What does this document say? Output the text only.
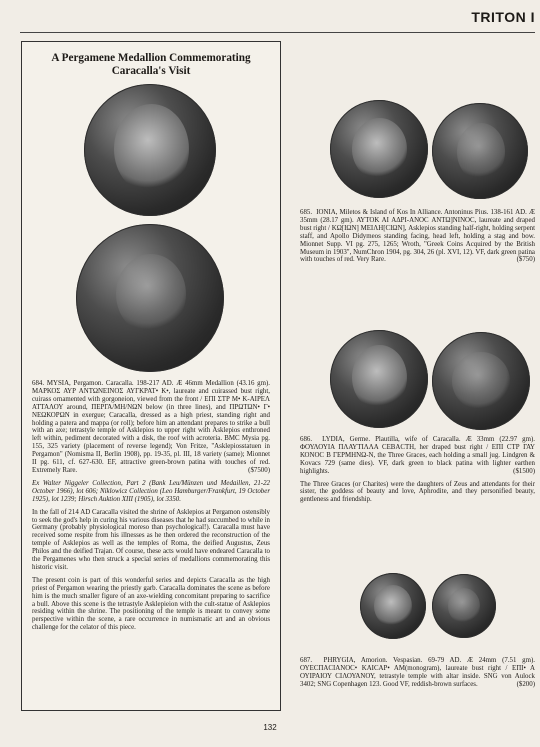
TRITON I
A Pergamene Medallion Commemorating
Caracalla's Visit

684. MYSIA, Pergamon. Caracalla. 198-217 AD. Æ 46mm Medallion (43.16 gm). ΜΑΡΚΟΣ ΑΥΡ ΑΝΤΩΝΕΙΝΟΣ ΑΥΓΚΡΑΤ• Κ•, laureate and cuirassed bust right, cuirass ornamented with gorgoneion, viewed from the front / ΕΠΙ ΣΤΡ Μ• Κ-ΑΙΡΕΛ ΑΤΤΑΛΟΥ around, ΠΕΡΓΑ/ΜΗ/ΝΩΝ below (in three lines), and ΠΡΩΤΩΝ• Γ• ΝΕΩΚΟΡΩΝ in exergue; Caracalla, dressed as a high priest, standing right and holding a patera and mappa (or roll); before him an attendant prepares to strike a bull with an axe; tetrastyle temple of Asklepios to upper right with Asklepios enthroned left within, pediment decorated with a disk, the roof with acroteria. BMC Mysia pg. 155, 325 variety (placement of reverse legend); Von Fritze, "Asklepiosstatuen in Pergamon" (Nomisma II, Berlin 1908), pp. 19-35, pl. III, 18 variety (same); Mionnet II pg. 611, cf. 627-630. EF, attractive green-brown patina with touches of red. Extremely Rare.	($7500)

Ex Walter Niggeler Collection, Part 2 (Bank Leu/Münzen und Medaillen, 21-22 October 1966), lot 606; Niklowicz Collection (Leo Hamburger/Frankfurt, 19 October 1925), lot 1239; Hirsch Auktion XIII (1905), lot 3350.

In the fall of 214 AD Caracalla visited the shrine of Asklepios at Pergamon ostensibly to seek the god's help in curing his various diseases that he had succumbed to while in Germany (probably physiological moreso than psychological!). Caracalla must have received some respite from his illnesses as he then ordered the reconstruction of the temple of Asklepios as well as the temples of Roma, the deified Augustus, Zeus Philos and the deified Trajan. Of course, these acts would have endeared Caracalla to the Pergamenes who then struck a special series of medallions commemorating this historic visit.

The present coin is part of this wonderful series and depicts Caracalla as the high priest of Pergamon wearing the priestly garb. Caracalla dominates the scene as before him is the much smaller figure of an axe-wielding concomitant preparing to sacrifice a bull. Above this scene is the tetrastyle Asklepieion with the cult-statue of Asklepios residing within the shrine. The positioning of the temple is meant to convey some perspective within the scene, a rare occurrence in numismatic art and an obvious challenge for the celator of this piece.

685. IONIA, Miletos & Island of Kos In Alliance. Antoninus Pius. 138-161 AD. Æ 35mm (28.17 gm). ΑΥΤΟΚ ΑΙ ΑΔΡΙ-ΑΝΟC ΑΝΤΩ]ΝΙΝΟC, laureate and draped bust right / ΚΩ[ΙΩΝ] ΜΕΙΛΗ[CΙΩΝ], Asklepios standing half-right, holding serpent staff, and Apollo Didymeos standing facing, head left, holding a stag and bow. Mionnet Supp. VI pg. 275, 1265; Wroth, "Greek Coins Acquired by the British Museum in 1903", NumChron 1904, pg. 304, 26 (pl. XVI, 12). VF, dark green patina with touches of red. Very Rare.	($750)

686. LYDIA, Germe. Plautilla, wife of Caracalla. Æ 33mm (22.97 gm). ΦΟΥΛΟΥΙΑ ΠΛΑΥΤΙΛΛΑ CΕΒΑCΤΗ, her draped bust right / ΕΠΙ CΤΡ ΓΑΥ ΚΟΝΟC Β ΓΕΡΜΗΝΩ-Ν, the Three Graces, each holding a small jug. Lindgren & Kovacs 729 (same dies). VF, dark green to black patina with lighter earthen highlights.	($1500)

The Three Graces (or Charites) were the daughters of Zeus and attendants for their sister, the goddess of beauty and love, Aphrodite, and they personified beauty, gentleness and friendship.

687. PHRYGIA, Amorion. Vespasian. 69-79 AD. Æ 24mm (7.51 gm). ΟΥΕCΠΑCΙΑΝΟC• ΚΑΙCΑΡ• ΑΜ(monogram), laureate bust right / ΕΠΙ• Α ΟΥΙΡΑΙΟΥ CΙΛΟΥΑΝΟΥ, tetrastyle temple with altar inside. SNG von Aulock 3402; SNG Copenhagen 123. Good VF, reddish-brown surfaces.	($200)

132
